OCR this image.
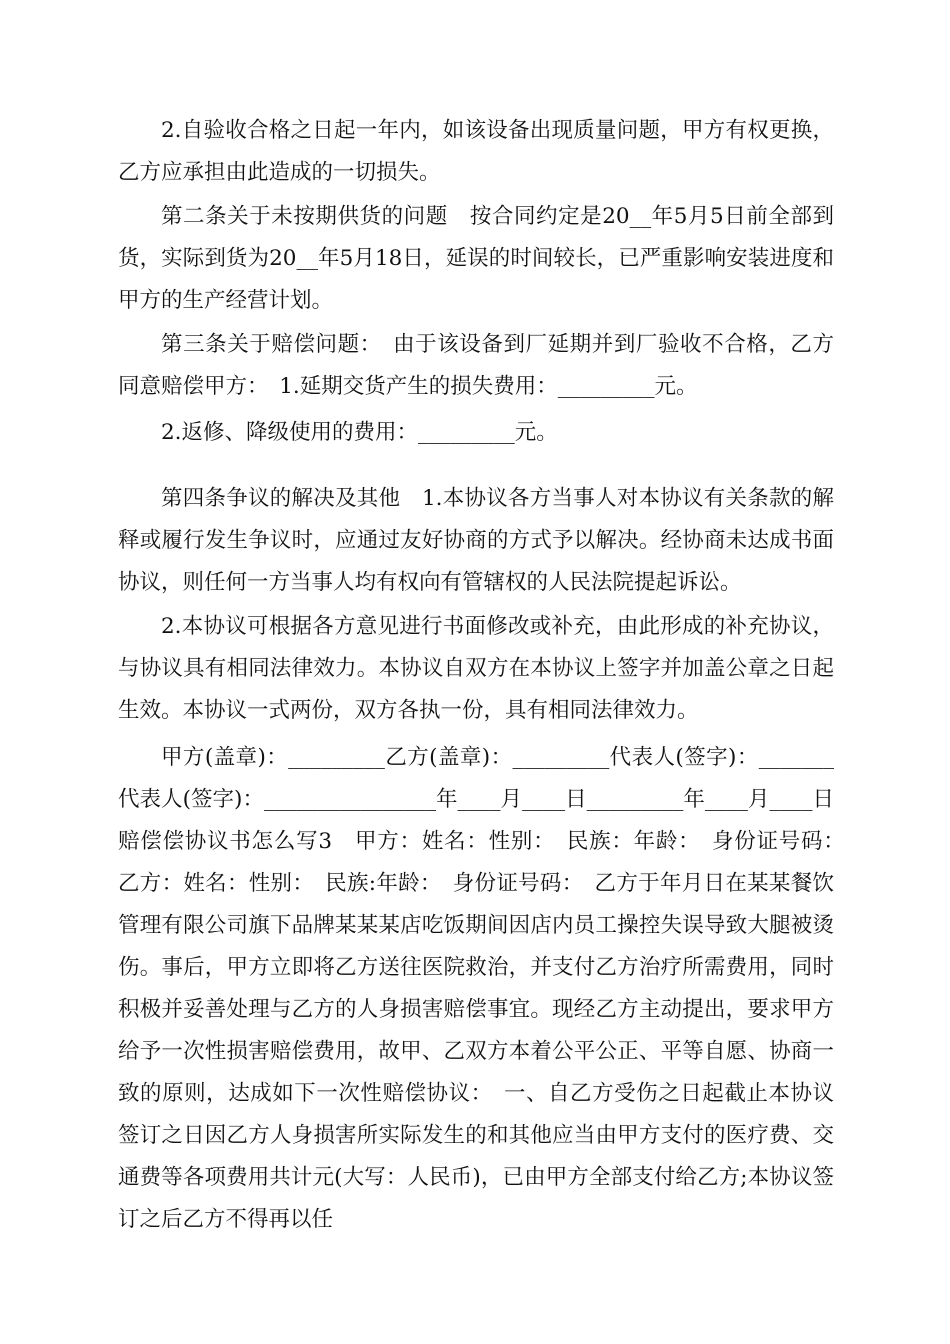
2.自验收合格之日起一年内，如该设备出现质量问题，甲方有权更换，乙方应承担由此造成的一切损失。

第二条关于未按期供货的问题　按合同约定是20__年5月5日前全部到货，实际到货为20__年5月18日，延误的时间较长，已严重影响安装进度和甲方的生产经营计划。

第三条关于赔偿问题：　由于该设备到厂延期并到厂验收不合格，乙方同意赔偿甲方：　1.延期交货产生的损失费用：_________元。

2.返修、降级使用的费用：_________元。

第四条争议的解决及其他　1.本协议各方当事人对本协议有关条款的解释或履行发生争议时，应通过友好协商的方式予以解决。经协商未达成书面协议，则任何一方当事人均有权向有管辖权的人民法院提起诉讼。

2.本协议可根据各方意见进行书面修改或补充，由此形成的补充协议，与协议具有相同法律效力。本协议自双方在本协议上签字并加盖公章之日起生效。本协议一式两份，双方各执一份，具有相同法律效力。

甲方(盖章)：_________乙方(盖章)：_________代表人(签字)：_______代表人(签字)：________________年____月____日_________年____月____日　赔偿偿协议书怎么写3　甲方：姓名：性别：　民族：年龄：　身份证号码：　乙方：姓名：性别：　民族:年龄：　身份证号码：　乙方于年月日在某某餐饮管理有限公司旗下品牌某某某店吃饭期间因店内员工操控失误导致大腿被烫伤。事后，甲方立即将乙方送往医院救治，并支付乙方治疗所需费用，同时积极并妥善处理与乙方的人身损害赔偿事宜。现经乙方主动提出，要求甲方给予一次性损害赔偿费用，故甲、乙双方本着公平公正、平等自愿、协商一致的原则，达成如下一次性赔偿协议：　一、自乙方受伤之日起截止本协议签订之日因乙方人身损害所实际发生的和其他应当由甲方支付的医疗费、交通费等各项费用共计元(大写：人民币)，已由甲方全部支付给乙方;本协议签订之后乙方不得再以任
